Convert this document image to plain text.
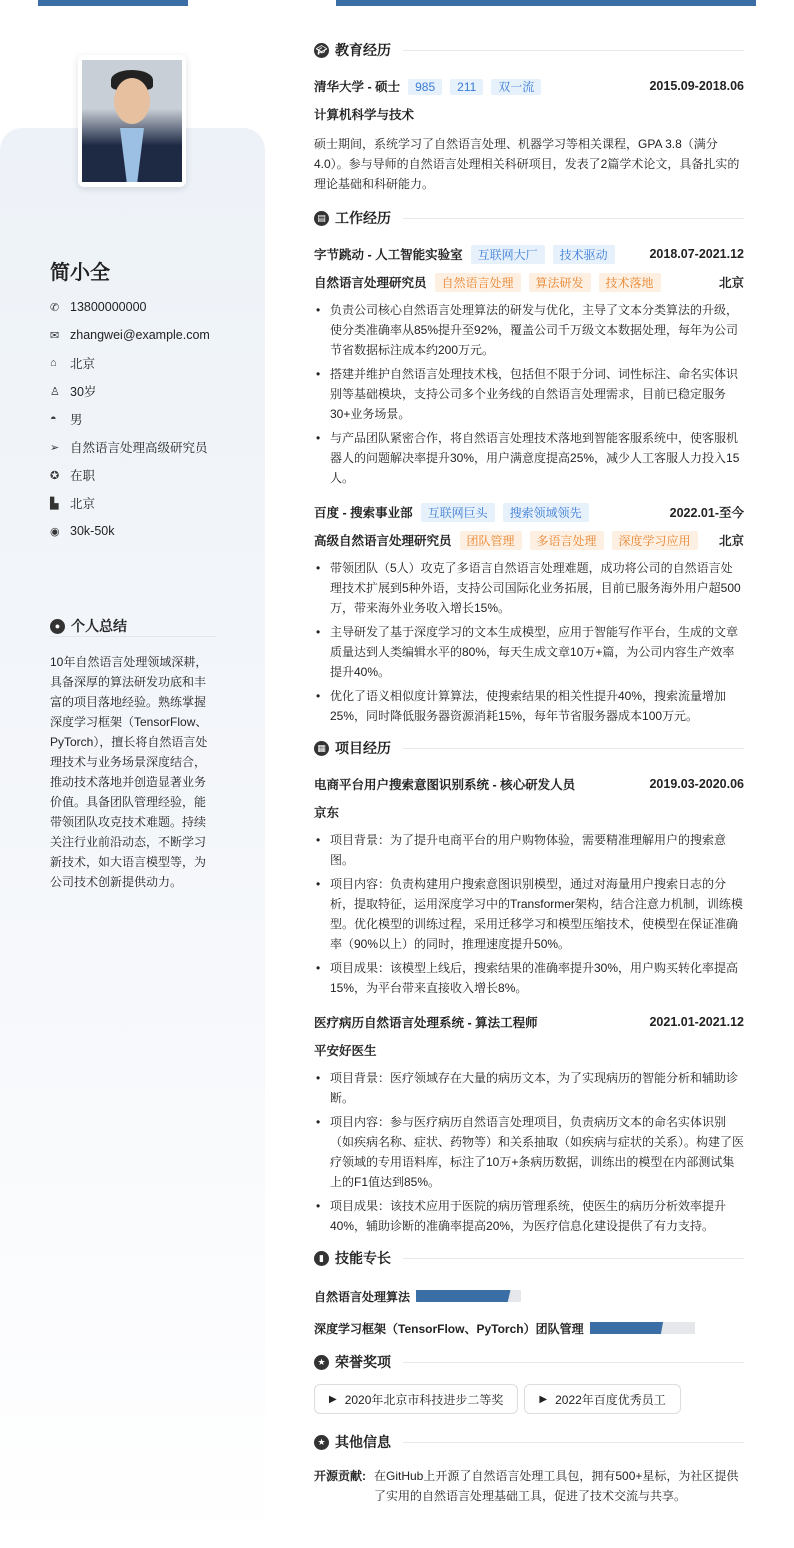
简小全
✆ 13800000000
✉ zhangwei@example.com
⌂	北京
♙ 30岁
◓	男
➢ 自然语言处理高级研究员
✪ 在职
▙ 北京
◉ 30k-50k
● 个人总结
10年自然语言处理领域深耕，具备深厚的算法研发功底和丰富的项目落地经验。熟练掌握深度学习框架（TensorFlow、PyTorch），擅长将自然语言处理技术与业务场景深度结合，推动技术落地并创造显著业务价值。具备团队管理经验，能带领团队攻克技术难题。持续关注行业前沿动态，不断学习新技术，如大语言模型等，为公司技术创新提供动力。
🎓︎ 教育经历
清华大学 - 硕士	985 211 双一流	2015.09-2018.06
计算机科学与技术

硕士期间，系统学习了自然语言处理、机器学习等相关课程，GPA 3.8（满分4.0）。参与导师的自然语言处理相关科研项目，发表了2篇学术论文，具备扎实的理论基础和科研能力。

▤ 工作经历
字节跳动 - 人工智能实验室	互联网大厂	技术驱动	2018.07-2021.12
自然语言处理研究员	自然语言处理	算法研发	技术落地	北京
• 负责公司核心自然语言处理算法的研发与优化，主导了文本分类算法的升级，使分类准确率从85%提升至92%，覆盖公司千万级文本数据处理，每年为公司节省数据标注成本约200万元。
• 搭建并维护自然语言处理技术栈，包括但不限于分词、词性标注、命名实体识别等基础模块，支持公司多个业务线的自然语言处理需求，目前已稳定服务30+业务场景。
• 与产品团队紧密合作，将自然语言处理技术落地到智能客服系统中，使客服机器人的问题解决率提升30%，用户满意度提高25%，减少人工客服人力投入15人。
百度 - 搜索事业部	互联网巨头	搜索领域领先	2022.01-至今
高级自然语言处理研究员	团队管理	多语言处理	深度学习应用	北京
• 带领团队（5人）攻克了多语言自然语言处理难题，成功将公司的自然语言处理技术扩展到5种外语，支持公司国际化业务拓展，目前已服务海外用户超500万，带来海外业务收入增长15%。
• 主导研发了基于深度学习的文本生成模型，应用于智能写作平台，生成的文章质量达到人类编辑水平的80%，每天生成文章10万+篇，为公司内容生产效率提升40%。
• 优化了语义相似度计算算法，使搜索结果的相关性提升40%，搜索流量增加25%，同时降低服务器资源消耗15%，每年节省服务器成本100万元。
▦ 项目经历
电商平台用户搜索意图识别系统 - 核心研发人员	2019.03-2020.06
京东
• 项目背景：为了提升电商平台的用户购物体验，需要精准理解用户的搜索意图。
• 项目内容：负责构建用户搜索意图识别模型，通过对海量用户搜索日志的分析，提取特征，运用深度学习中的Transformer架构，结合注意力机制，训练模型。优化模型的训练过程，采用迁移学习和模型压缩技术，使模型在保证准确率（90%以上）的同时，推理速度提升50%。
• 项目成果：该模型上线后，搜索结果的准确率提升30%，用户购买转化率提高15%，为平台带来直接收入增长8%。
医疗病历自然语言处理系统 - 算法工程师	2021.01-2021.12
平安好医生
• 项目背景：医疗领域存在大量的病历文本，为了实现病历的智能分析和辅助诊断。
• 项目内容：参与医疗病历自然语言处理项目，负责病历文本的命名实体识别（如疾病名称、症状、药物等）和关系抽取（如疾病与症状的关系）。构建了医疗领域的专用语料库，标注了10万+条病历数据，训练出的模型在内部测试集上的F1值达到85%。
• 项目成果：该技术应用于医院的病历管理系统，使医生的病历分析效率提升40%，辅助诊断的准确率提高20%，为医疗信息化建设提供了有力支持。
▮ 技能专长
自然语言处理算法
深度学习框架（TensorFlow、PyTorch） 团队管理
★ 荣誉奖项
▶ 2020年北京市科技进步二等奖	▶ 2022年百度优秀员工
★ 其他信息
开源贡献: 在GitHub上开源了自然语言处理工具包，拥有500+星标，为社区提供了实用的自然语言处理基础工具，促进了技术交流与共享。
